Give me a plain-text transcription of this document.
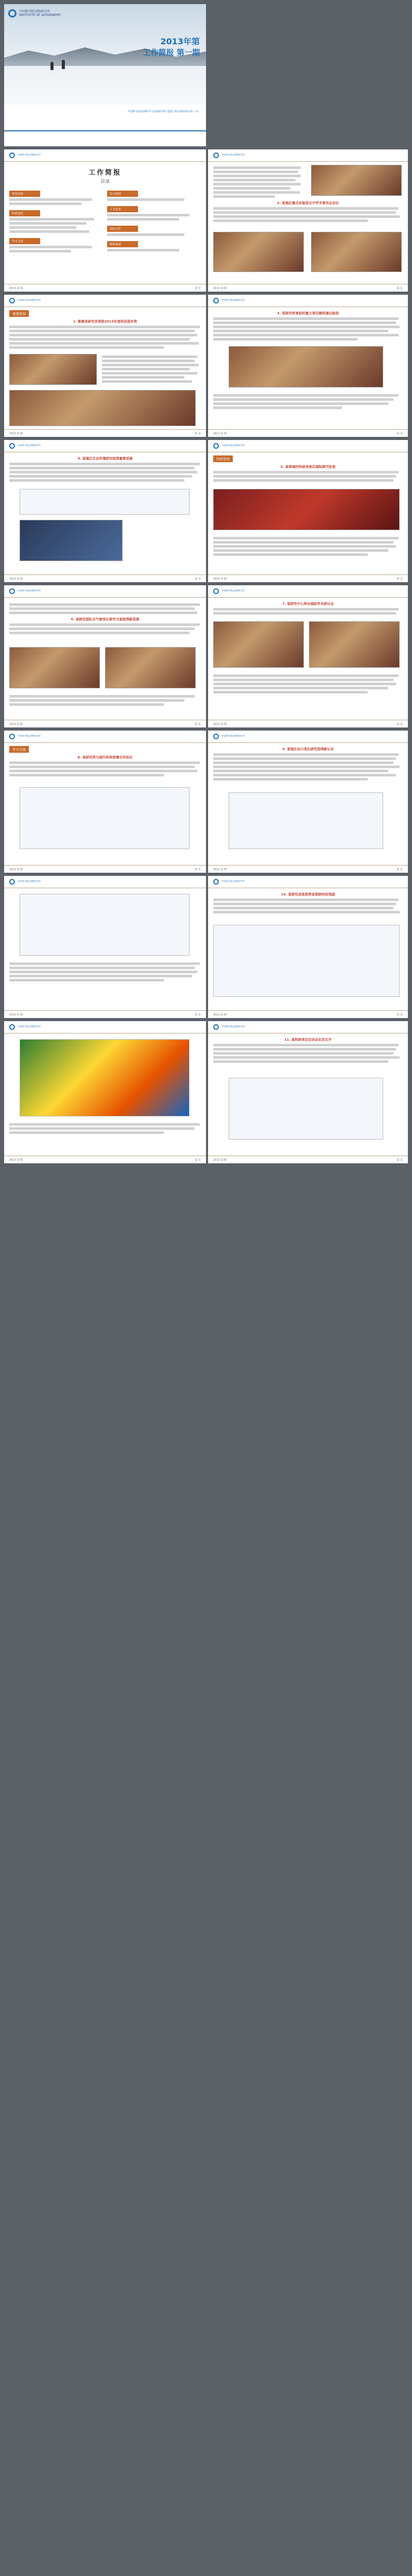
中国科学院动物研究所
INSTITUTE OF GEOGRAPHY
2013年第
工作简报 第一期
中国科学院地理科学与资源研究所 遥感与数字地球研究所 主办
中国科学院动物研究所
工作简报
目录
重要新闻
科研进展
学术交流
综合新闻
人才培养
国际合作
媒体报道
2013 第 期	第 页
中国科学院动物研究所
2. 某地区重点实验室召开学术委员会会议
2013 第 期	第 页
中国科学院动物研究所
重要新闻
1. 黄鼎成研究员荣获2013年度科技进步奖
2013 第 期	第 页
中国科学院动物研究所
3. 某研究所承担的重大项目顺利通过验收
2013 第 期	第 页
中国科学院动物研究所
4. 某地区生态环境研究取得重要进展
2013 第 期	第 页
中国科学院动物研究所
科研进展
5. 某领域的科研成果在国际期刊发表
2013 第 期	第 页
中国科学院动物研究所
6. 某研究团队在气候变化研究方面取得新进展
2013 第 期	第 页
中国科学院动物研究所
7. 某研究中心举办国际学术研讨会
2013 第 期	第 页
中国科学院动物研究所
学术交流
8. 某研究所与国外机构签署合作协议
2013 第 期	第 页
中国科学院动物研究所
9. 某地区冰川变化研究获得新认识
2013 第 期	第 页
中国科学院动物研究所
2013 第 期	第 页
中国科学院动物研究所
10. 某研究成果获得省部级科技奖励
2013 第 期	第 页
中国科学院动物研究所
2013 第 期	第 页
中国科学院动物研究所
11. 某科研项目启动会在京召开
2013 第 期	第 页
